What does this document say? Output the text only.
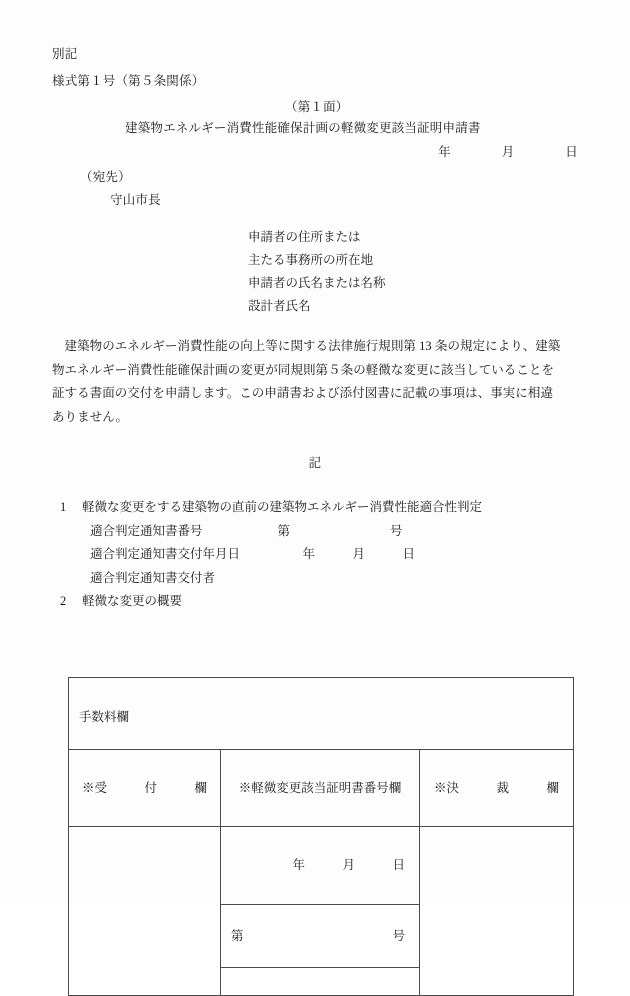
別記
様式第１号（第５条関係）
（第１面）
建築物エネルギー消費性能確保計画の軽微変更該当証明申請書
年　　　　月　　　　日
（宛先）
守山市長
申請者の住所または
主たる事務所の所在地
申請者の氏名または名称
設計者氏名
　建築物のエネルギー消費性能の向上等に関する法律施行規則第 13 条の規定により、建築
物エネルギー消費性能確保計画の変更が同規則第５条の軽微な変更に該当していることを
証する書面の交付を申請します。この申請書および添付図書に記載の事項は、事実に相違
ありません。
記
1	軽微な変更をする建築物の直前の建築物エネルギー消費性能適合性判定
適合判定通知書番号　　　　　　第　　　　　　　　号
適合判定通知書交付年月日　　　　　年　　　月　　　日
適合判定通知書交付者
2	軽微な変更の概要

手数料欄		

※受　　　付　　　欄	※軽微変更該当証明書番号欄	※決　　　裁　　　欄

	年　　　月　　　日	

	第 号	
